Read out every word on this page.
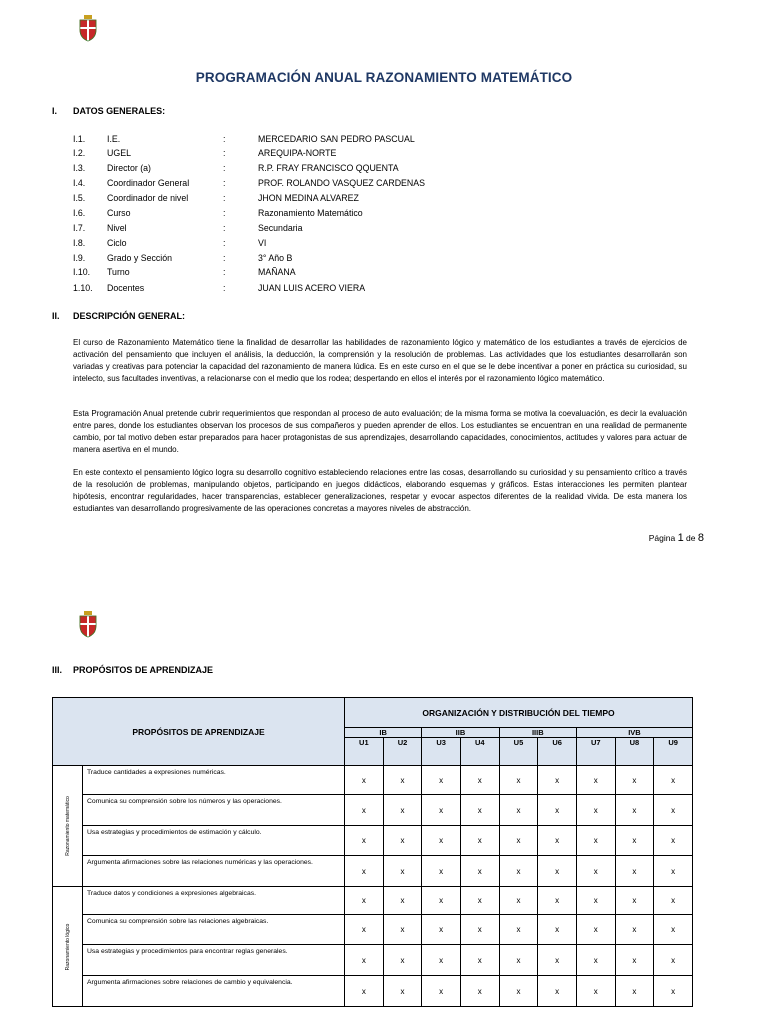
PROGRAMACIÓN ANUAL RAZONAMIENTO MATEMÁTICO
I. DATOS GENERALES:
I.1. I.E.	:	MERCEDARIO SAN PEDRO PASCUAL
I.2. UGEL	:	AREQUIPA-NORTE
I.3. Director (a)	:	R.P. FRAY FRANCISCO QQUENTA
I.4. Coordinador General	:	PROF. ROLANDO VASQUEZ CARDENAS
I.5. Coordinador de nivel	:	JHON MEDINA ALVAREZ
I.6. Curso	:	Razonamiento Matemático
I.7. Nivel	:	Secundaria
I.8. Ciclo	:	VI
I.9. Grado y Sección	:	3° Año B
I.10. Turno	:	MAÑANA
1.10. Docentes	:	JUAN LUIS ACERO VIERA
II. DESCRIPCIÓN GENERAL:
El curso de Razonamiento Matemático tiene la finalidad de desarrollar las habilidades de razonamiento lógico y matemático de los estudiantes a través de ejercicios de activación del pensamiento que incluyen el análisis, la deducción, la comprensión y la resolución de problemas. Las actividades que los estudiantes desarrollarán son variadas y creativas para potenciar la capacidad del razonamiento de manera lúdica. Es en este curso en el que se le debe incentivar a poner en práctica su curiosidad, su intelecto, sus facultades inventivas, a relacionarse con el medio que los rodea; despertando en ellos el interés por el razonamiento lógico matemático.
Esta Programación Anual pretende cubrir requerimientos que respondan al proceso de auto evaluación; de la misma forma se motiva la coevaluación, es decir la evaluación entre pares, donde los estudiantes observan los procesos de sus compañeros y pueden aprender de ellos. Los estudiantes se encuentran en una realidad de permanente cambio, por tal motivo deben estar preparados para hacer protagonistas de sus aprendizajes, desarrollando capacidades, conocimientos, actitudes y valores para actuar de manera asertiva en el mundo.
En este contexto el pensamiento lógico logra su desarrollo cognitivo estableciendo relaciones entre las cosas, desarrollando su curiosidad y su pensamiento crítico a través de la resolución de problemas, manipulando objetos, participando en juegos didácticos, elaborando esquemas y gráficos. Estas interacciones les permiten plantear hipótesis, encontrar regularidades, hacer transparencias, establecer generalizaciones, respetar y evocar aspectos diferentes de la realidad vivida. De esta manera los estudiantes van desarrollando progresivamente de las operaciones concretas a mayores niveles de abstracción.
Página 1 de 8
III. PROPÓSITOS DE APRENDIZAJE
PROPÓSITOS DE APRENDIZAJE		ORGANIZACIÓN Y DISTRIBUCIÓN DEL TIEMPO								
		IB		IIB		IIIB		IVB		
		U1	U2	U3	U4	U5	U6	U7	U8	U9

Razonamiento matemático	Traduce cantidades a expresiones numéricas.	x	x	x	x	x	x	x	x	x
	Comunica su comprensión sobre los números y las operaciones.	x	x	x	x	x	x	x	x	x
	Usa estrategias y procedimientos de estimación y cálculo.	x	x	x	x	x	x	x	x	x
	Argumenta afirmaciones sobre las relaciones numéricas y las operaciones.	x	x	x	x	x	x	x	x	x

Razonamiento lógico	Traduce datos y condiciones a expresiones algebraicas.	x	x	x	x	x	x	x	x	x
	Comunica su comprensión sobre las relaciones algebraicas.	x	x	x	x	x	x	x	x	x
	Usa estrategias y procedimientos para encontrar reglas generales.	x	x	x	x	x	x	x	x	x
	Argumenta afirmaciones sobre relaciones de cambio y equivalencia.	x	x	x	x	x	x	x	x	x
